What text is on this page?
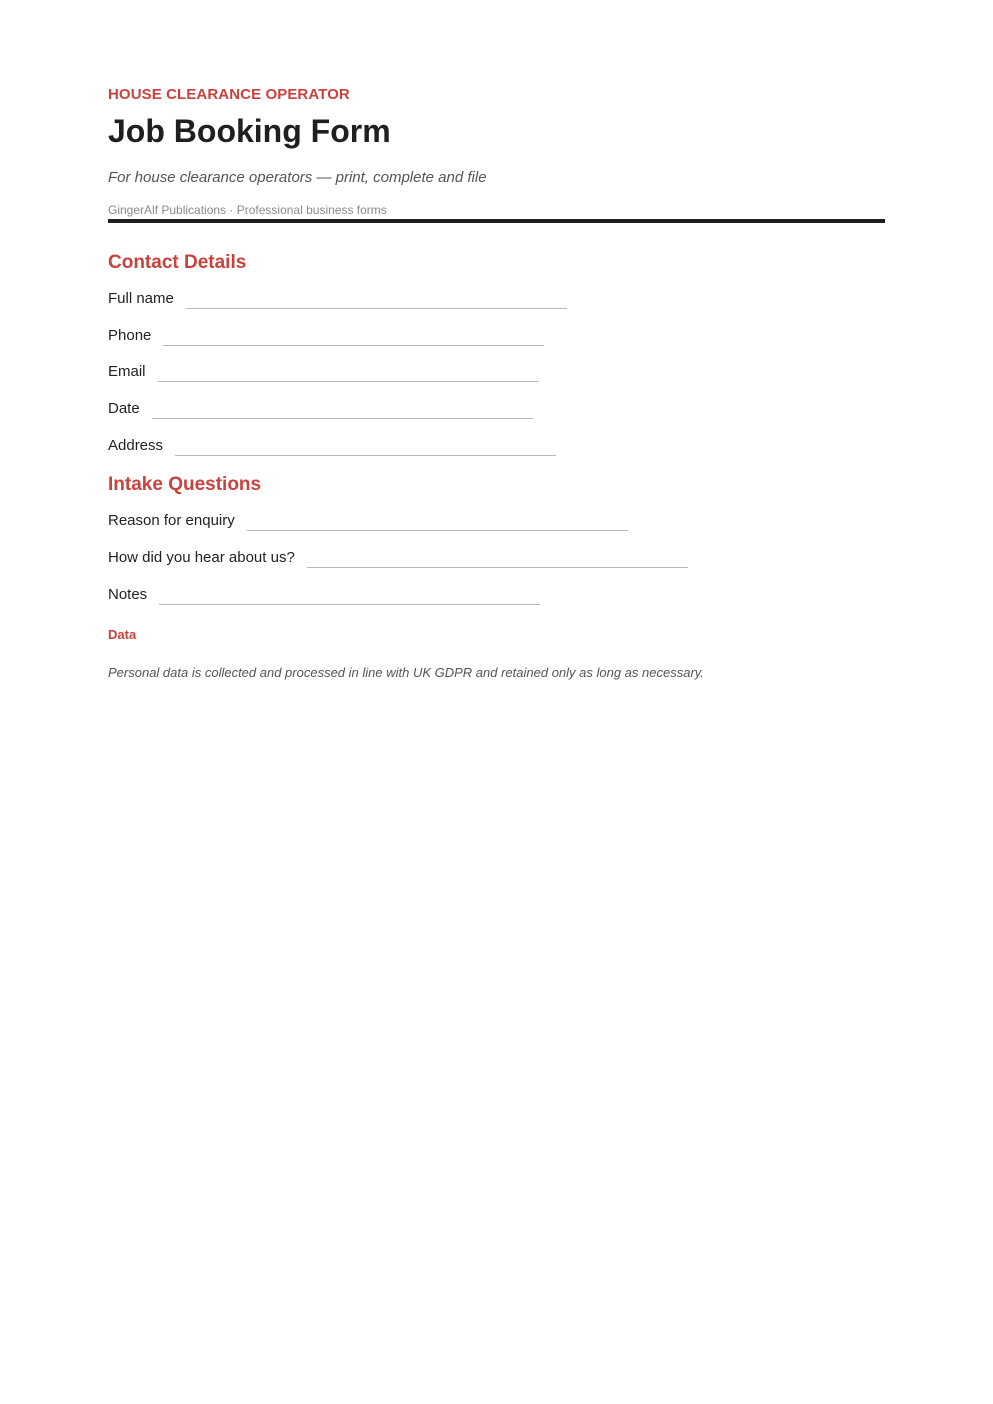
HOUSE CLEARANCE OPERATOR
Job Booking Form
For house clearance operators — print, complete and file
GingerAlf Publications · Professional business forms
Contact Details
Full name
Phone
Email
Date
Address
Intake Questions
Reason for enquiry
How did you hear about us?
Notes
Data
Personal data is collected and processed in line with UK GDPR and retained only as long as necessary.
